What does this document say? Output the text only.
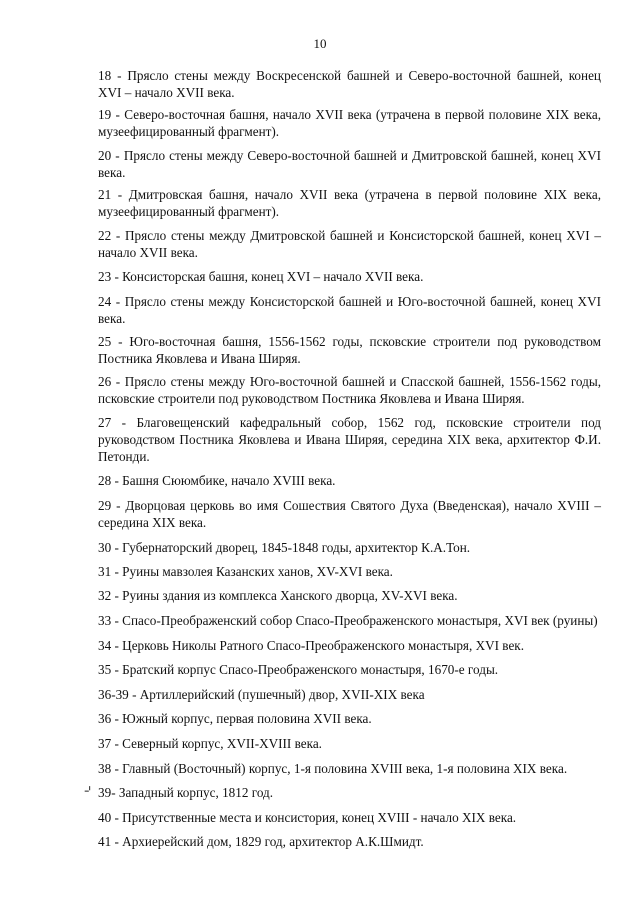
10

18 - Прясло стены между Воскресенской башней и Северо-восточной башней, конец XVI – начало XVII века.

19 - Северо-восточная башня, начало XVII века (утрачена в первой половине XIX века, музеефицированный фрагмент).

20 - Прясло стены между Северо-восточной башней и Дмитровской башней, конец XVI века.

21 - Дмитровская башня, начало XVII века (утрачена в первой половине XIX века, музеефицированный фрагмент).

22 - Прясло стены между Дмитровской башней и Консисторской башней, конец XVI – начало XVII века.

23 - Консисторская башня, конец XVI – начало XVII века.

24 - Прясло стены между Консисторской башней и Юго-восточной башней, конец XVI века.

25 - Юго-восточная башня, 1556-1562 годы, псковские строители под руководством Постника Яковлева и Ивана Ширяя.

26 - Прясло стены между Юго-восточной башней и Спасской башней, 1556-1562 годы, псковские строители под руководством Постника Яковлева и Ивана Ширяя.

27 - Благовещенский кафедральный собор, 1562 год, псковские строители под руководством Постника Яковлева и Ивана Ширяя, середина XIX века, архитектор Ф.И. Петонди.

28 - Башня Сююмбике, начало XVIII века.

29 - Дворцовая церковь во имя Сошествия Святого Духа (Введенская), начало XVIII – середина XIX века.

30 - Губернаторский дворец, 1845-1848 годы, архитектор К.А.Тон.

31 - Руины мавзолея Казанских ханов, XV-XVI века.

32 - Руины здания из комплекса Ханского дворца, XV-XVI века.

33 - Спасо-Преображенский собор Спасо-Преображенского монастыря, XVI век (руины)

34 - Церковь Николы Ратного Спасо-Преображенского монастыря, XVI век.

35 - Братский корпус Спасо-Преображенского монастыря, 1670-е годы.

36-39 - Артиллерийский (пушечный) двор, XVII-XIX века

36 - Южный корпус, первая половина XVII века.

37 - Северный корпус, XVII-XVIII века.

38 - Главный (Восточный) корпус, 1-я половина XVIII века, 1-я половина XIX века.

⌏ 39- Западный корпус, 1812 год.

40 - Присутственные места и консистория, конец XVIII - начало XIX века.

41 - Архиерейский дом, 1829 год, архитектор А.К.Шмидт.
